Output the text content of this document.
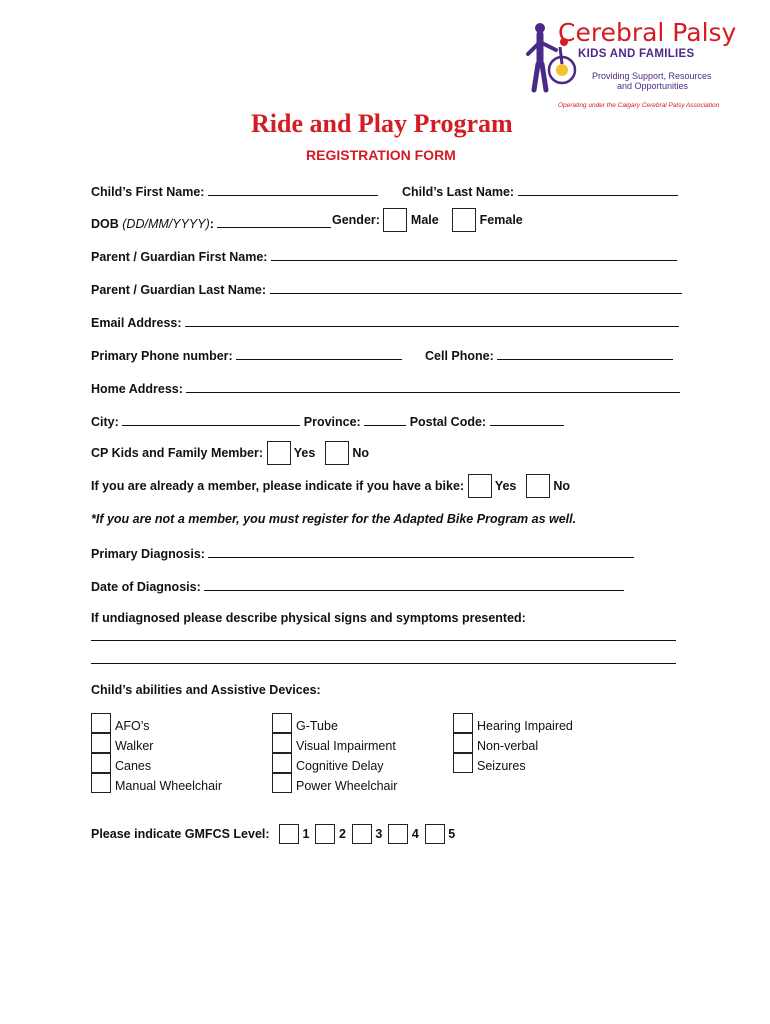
Cerebral Palsy
KIDS AND FAMILIES
Providing Support, Resources
and Opportunities
Operating under the Calgary Cerebral Palsy Association
Ride and Play Program
REGISTRATION FORM
Child’s First Name:	Child’s Last Name:
DOB (DD/MM/YYYY):	Gender: Male	Female
Parent / Guardian First Name:
Parent / Guardian Last Name:
Email Address:
Primary Phone number:	Cell Phone:
Home Address:
City:	Province:	Postal Code:
CP Kids and Family Member: Yes	No
If you are already a member, please indicate if you have a bike: Yes	No
*If you are not a member, you must register for the Adapted Bike Program as well.
Primary Diagnosis:
Date of Diagnosis:
If undiagnosed please describe physical signs and symptoms presented:
Child’s abilities and Assistive Devices:
AFO’s
Walker
Canes
Manual Wheelchair
G-Tube
Visual Impairment
Cognitive Delay
Power Wheelchair
Hearing Impaired
Non-verbal
Seizures
Please indicate GMFCS Level:  1 2 3 4 5
